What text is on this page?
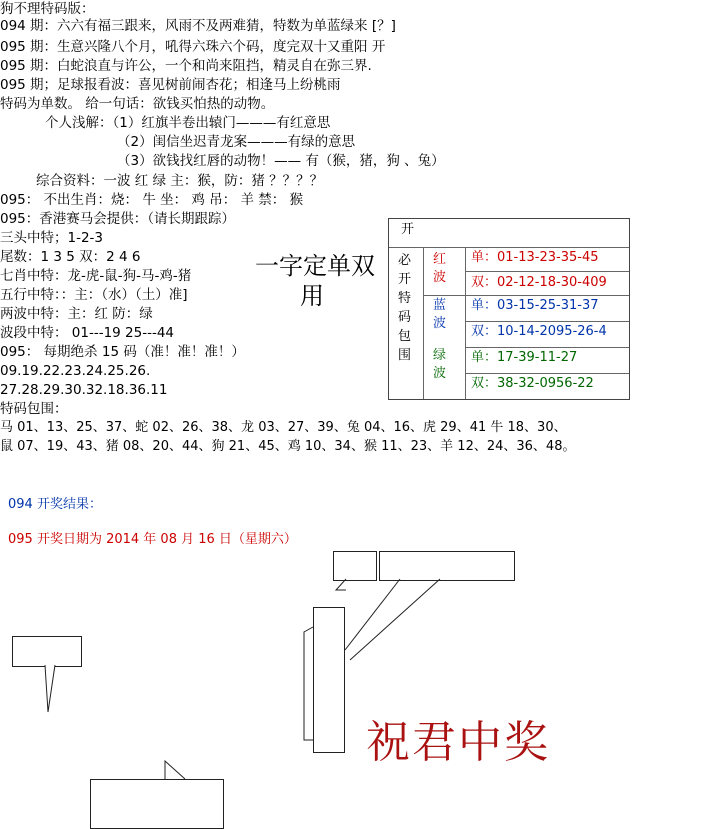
狗不理特码版：
094 期：六六有福三跟来，风雨不及两难猜，特数为单蓝绿来 [？]
095 期：生意兴隆八个月，吼得六珠六个码，度完双十又重阳 开
095 期：白蛇浪直与许公，一个和尚来阻挡，精灵自在弥三界.
095 期；足球报看波：喜见树前闹杏花；相逢马上纷桃雨
特码为单数。 给一句话：欲钱买怕热的动物。
个人浅解：（1）红旗半卷出辕门———有红意思
（2）闺信坐迟青龙案———有绿的意思
（3）欲钱找红唇的动物！—— 有（猴，猪，狗 、兔）
综合资料：一波 红 绿 主：猴，防：猪 ？？？？
095： 不出生肖：烧： 牛 坐： 鸡 吊： 羊 禁： 猴
095：香港赛马会提供：（请长期跟踪）
三头中特；1-2-3
尾数：1 3 5 双：2 4 6
七肖中特：龙-虎-鼠-狗-马-鸡-猪
五行中特：：主：（水）（土）准]
两波中特：主：红 防：绿
波段中特： 01---19 25---44
095： 每期绝杀 15 码（准！准！准！）
09.19.22.23.24.25.26.
27.28.29.30.32.18.36.11
特码包围：
马 01、13、25、37、蛇 02、26、38、龙 03、27、39、兔 04、16、虎 29、41 牛 18、30、
鼠 07、19、43、猪 08、20、44、狗 21、45、鸡 10、34、猴 11、23、羊 12、24、36、48。
一字定单双
用
开
必
开
特
码
包
围
红
波
蓝
波
绿
波
单：01-13-23-35-45
双：02-12-18-30-409
单：03-15-25-31-37
双：10-14-2095-26-4
单：17-39-11-27
双：38-32-0956-22
094 开奖结果：
095 开奖日期为 2014 年 08 月 16 日（星期六）
祝君中奖
